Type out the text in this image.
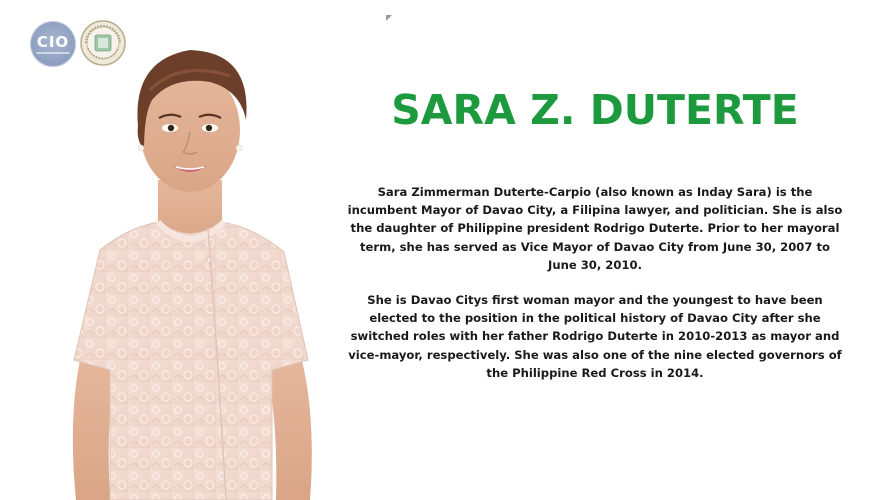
CIO
SARA Z. DUTERTE

Sara Zimmerman Duterte-Carpio (also known as Inday Sara) is the incumbent Mayor of Davao City, a Filipina lawyer, and politician. She is also the daughter of Philippine president Rodrigo Duterte. Prior to her mayoral term, she has served as Vice Mayor of Davao City from June 30, 2007 to June 30, 2010.

She is Davao Citys first woman mayor and the youngest to have been elected to the position in the political history of Davao City after she switched roles with her father Rodrigo Duterte in 2010-2013 as mayor and vice-mayor, respectively. She was also one of the nine elected governors of the Philippine Red Cross in 2014.
